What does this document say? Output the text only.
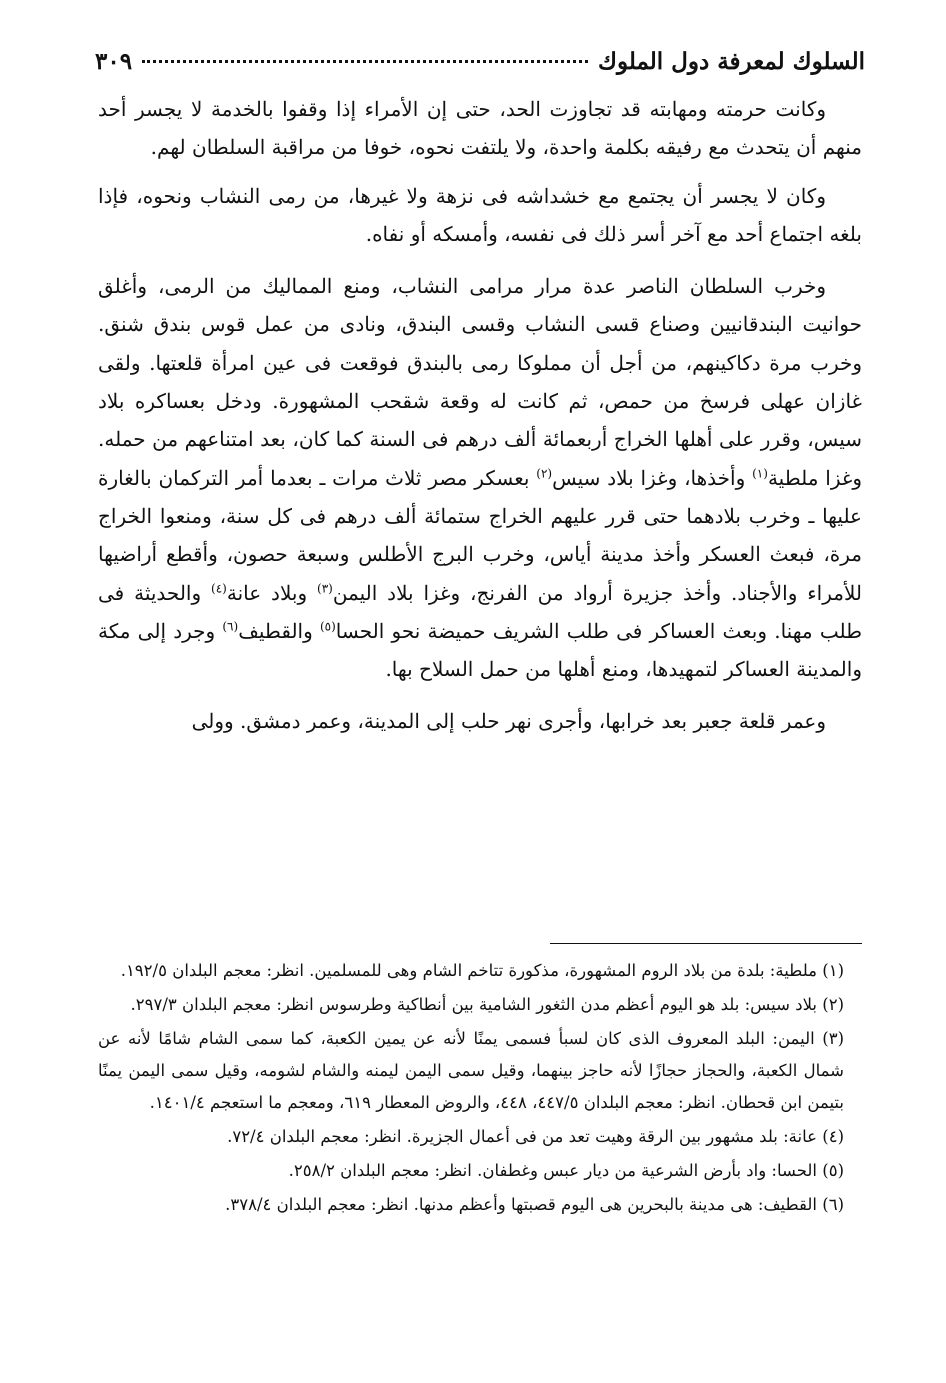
السلوك لمعرفة دول الملوك
٣٠٩

وكانت حرمته ومهابته قد تجاوزت الحد، حتى إن الأمراء إذا وقفوا بالخدمة لا يجسر أحد منهم أن يتحدث مع رفيقه بكلمة واحدة، ولا يلتفت نحوه، خوفا من مراقبة السلطان لهم.

وكان لا يجسر أن يجتمع مع خشداشه فى نزهة ولا غيرها، من رمى النشاب ونحوه، فإذا بلغه اجتماع أحد مع آخر أسر ذلك فى نفسه، وأمسكه أو نفاه.

وخرب السلطان الناصر عدة مرار مرامى النشاب، ومنع المماليك من الرمى، وأغلق حوانيت البندقانيين وصناع قسى النشاب وقسى البندق، ونادى من عمل قوس بندق شنق. وخرب مرة دكاكينهم، من أجل أن مملوكا رمى بالبندق فوقعت فى عين امرأة قلعتها. ولقى غازان عهلى فرسخ من حمص، ثم كانت له وقعة شقحب المشهورة. ودخل بعساكره بلاد سيس، وقرر على أهلها الخراج أربعمائة ألف درهم فى السنة كما كان، بعد امتناعهم من حمله. وغزا ملطية$^{(١)}$ وأخذها، وغزا بلاد سيس$^{(٢)}$ بعسكر مصر ثلاث مرات ـ بعدما أمر التركمان بالغارة عليها ـ وخرب بلادهما حتى قرر عليهم الخراج ستمائة ألف درهم فى كل سنة، ومنعوا الخراج مرة، فبعث العسكر وأخذ مدينة أياس، وخرب البرج الأطلس وسبعة حصون، وأقطع أراضيها للأمراء والأجناد. وأخذ جزيرة أرواد من الفرنج، وغزا بلاد اليمن$^{(٣)}$ وبلاد عانة$^{(٤)}$ والحديثة فى طلب مهنا. وبعث العساكر فى طلب الشريف حميضة نحو الحسا$^{(٥)}$ والقطيف$^{(٦)}$ وجرد إلى مكة والمدينة العساكر لتمهيدها، ومنع أهلها من حمل السلاح بها.

وعمر قلعة جعبر بعد خرابها، وأجرى نهر حلب إلى المدينة، وعمر دمشق. وولى

(١) ملطية: بلدة من بلاد الروم المشهورة، مذكورة تتاخم الشام وهى للمسلمين. انظر: معجم البلدان ١٩٢/٥.
(٢) بلاد سيس: بلد هو اليوم أعظم مدن الثغور الشامية بين أنطاكية وطرسوس انظر: معجم البلدان ٢٩٧/٣.
(٣) اليمن: البلد المعروف الذى كان لسبأ فسمى يمنًا لأنه عن يمين الكعبة، كما سمى الشام شامًا لأنه عن شمال الكعبة، والحجاز حجازًا لأنه حاجز بينهما، وقيل سمى اليمن ليمنه والشام لشومه، وقيل سمى اليمن يمنًا بتيمن ابن قحطان. انظر: معجم البلدان ٤٤٧/٥، ٤٤٨، والروض المعطار ٦١٩، ومعجم ما استعجم ١٤٠١/٤.
(٤) عانة: بلد مشهور بين الرقة وهيت تعد من فى أعمال الجزيرة. انظر: معجم البلدان ٧٢/٤.
(٥) الحسا: واد بأرض الشرعية من ديار عبس وغطفان. انظر: معجم البلدان ٢٥٨/٢.
(٦) القطيف: هى مدينة بالبحرين هى اليوم قصبتها وأعظم مدنها. انظر: معجم البلدان ٣٧٨/٤.
